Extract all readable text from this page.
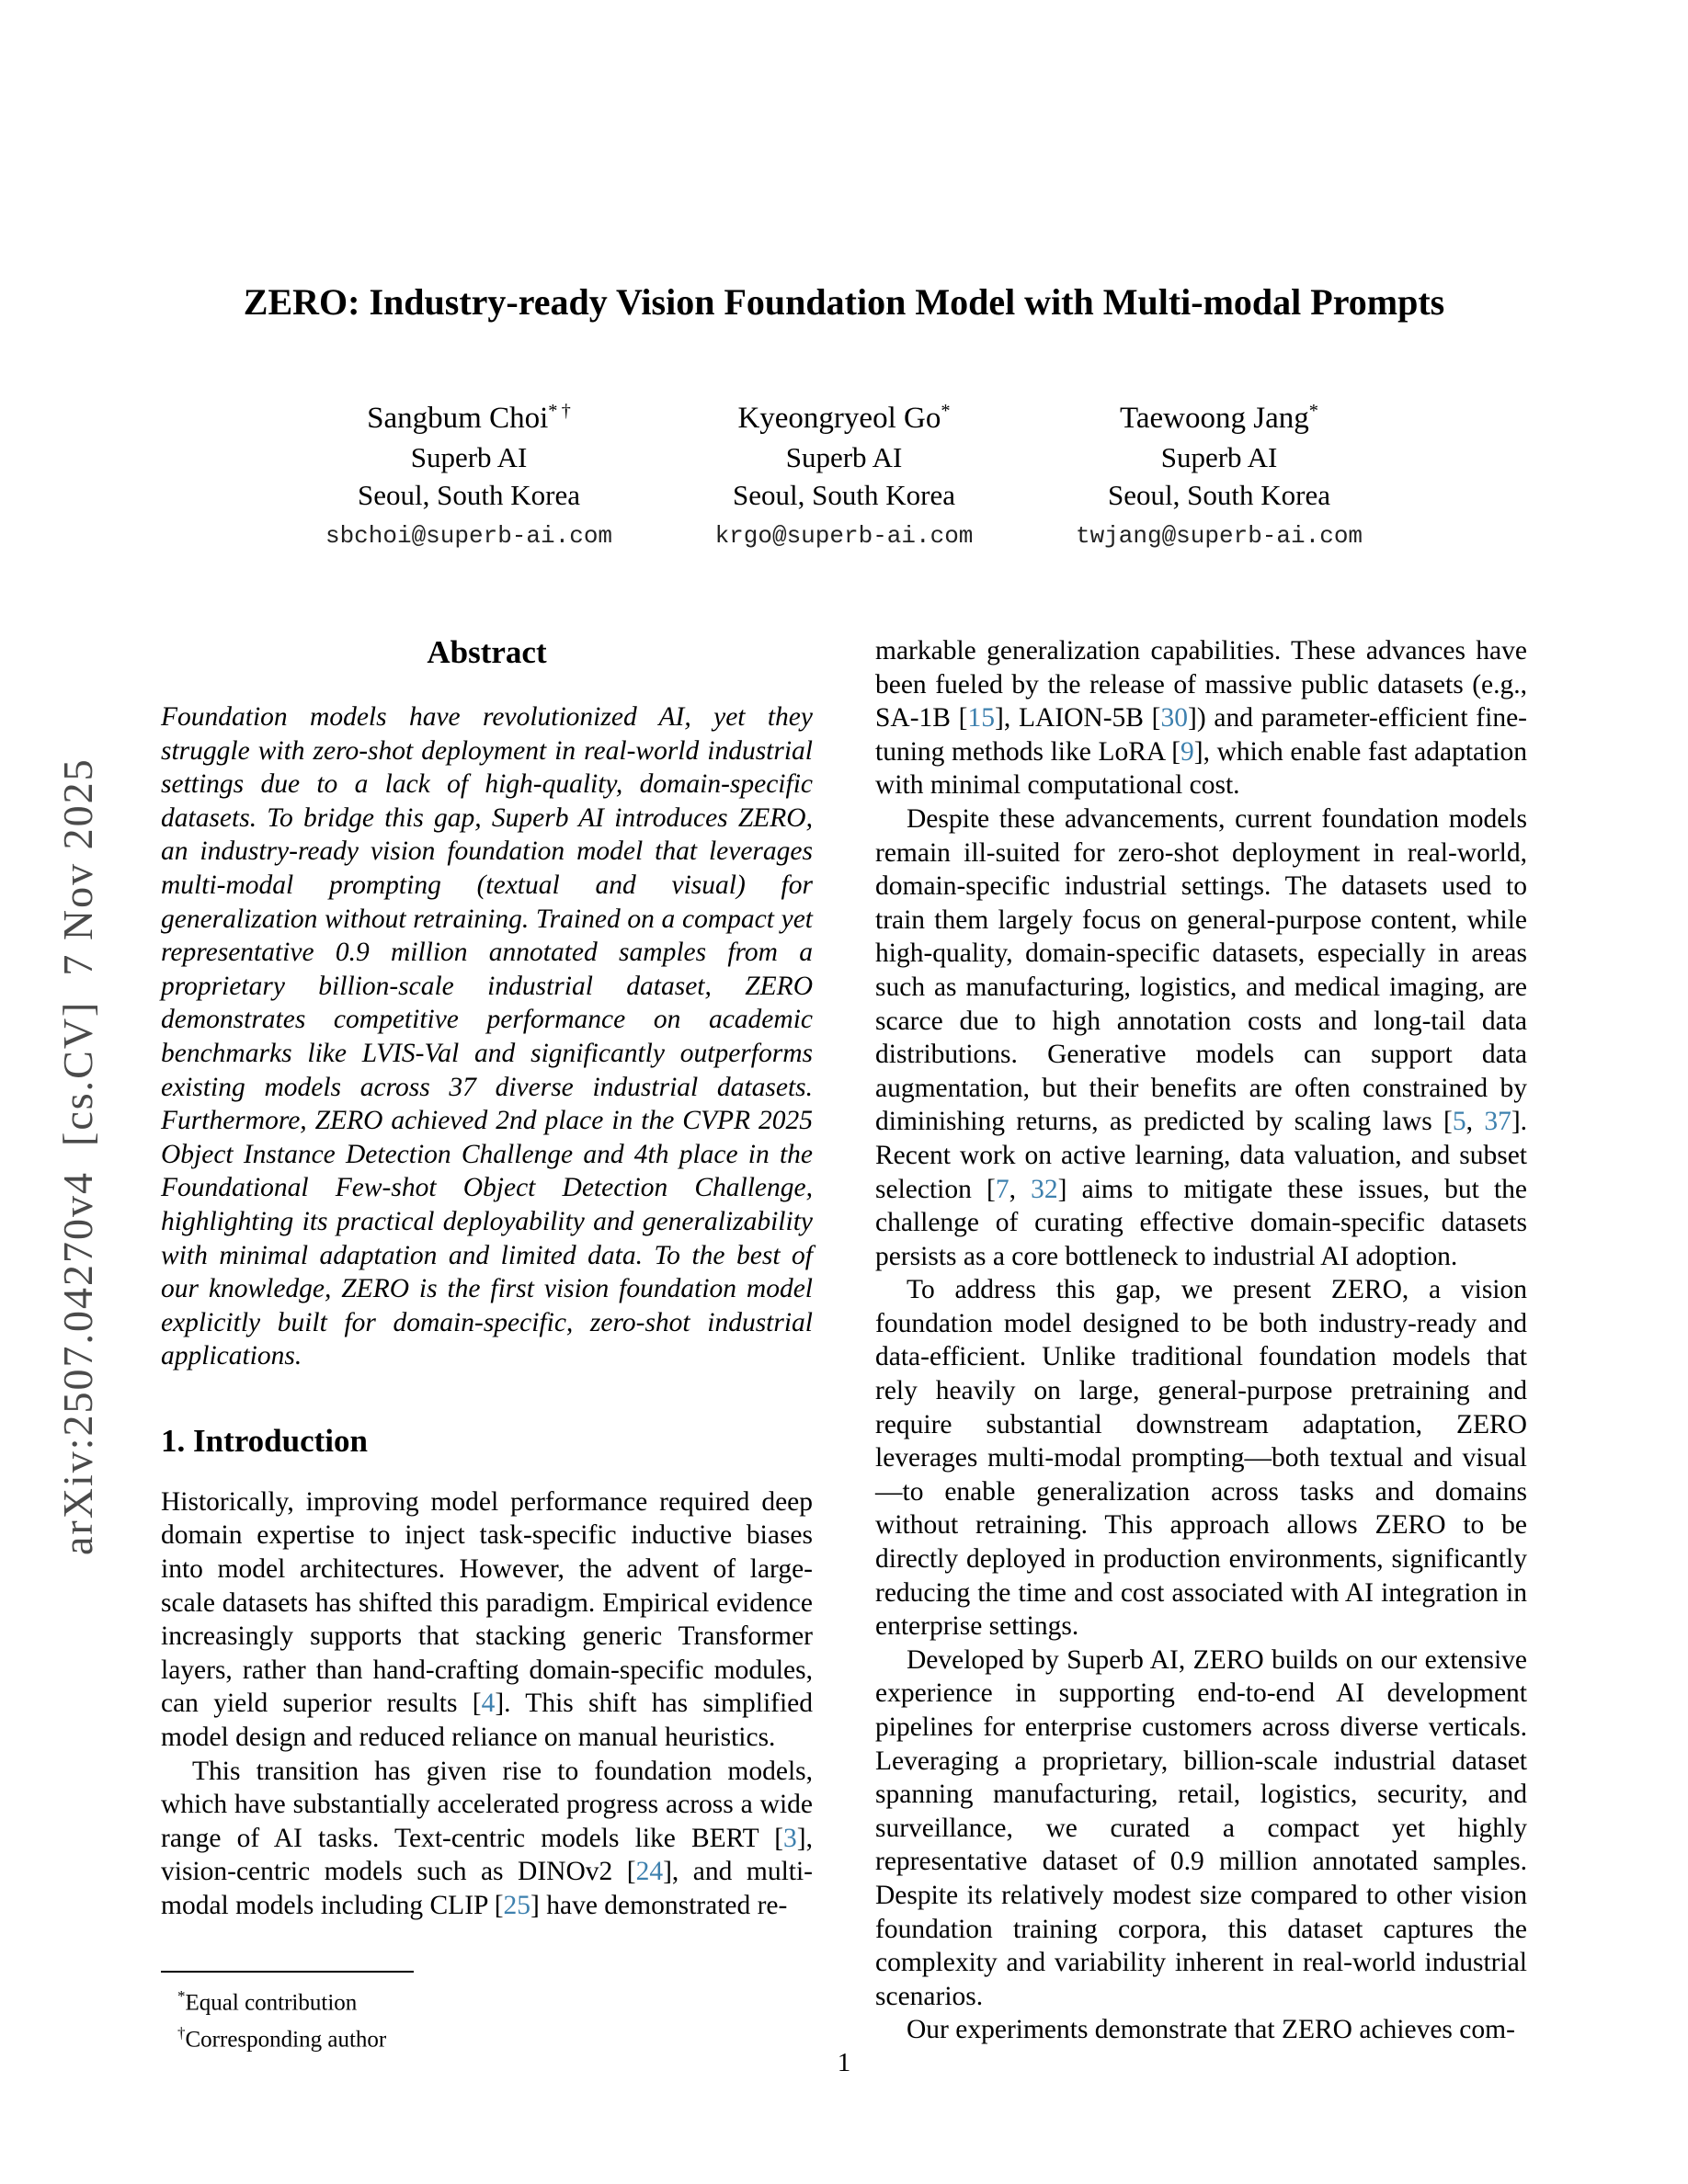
arXiv:2507.04270v4  [cs.CV]  7 Nov 2025
ZERO: Industry-ready Vision Foundation Model with Multi-modal Prompts
Sangbum Choi* †
Superb AI
Seoul, South Korea
sbchoi@superb-ai.com
Kyeongryeol Go*
Superb AI
Seoul, South Korea
krgo@superb-ai.com
Taewoong Jang*
Superb AI
Seoul, South Korea
twjang@superb-ai.com
Abstract

Foundation models have revolutionized AI, yet they struggle with zero-shot deployment in real-world industrial settings due to a lack of high-quality, domain-specific datasets. To bridge this gap, Superb AI introduces ZERO, an industry-ready vision foundation model that leverages multi-modal prompting (textual and visual) for generalization without retraining. Trained on a compact yet representative 0.9 million annotated samples from a proprietary billion-scale industrial dataset, ZERO demonstrates competitive performance on academic benchmarks like LVIS-Val and significantly outperforms existing models across 37 diverse industrial datasets. Furthermore, ZERO achieved 2nd place in the CVPR 2025 Object Instance Detection Challenge and 4th place in the Foundational Few-shot Object Detection Challenge, highlighting its practical deployability and generalizability with minimal adaptation and limited data. To the best of our knowledge, ZERO is the first vision foundation model explicitly built for domain-specific, zero-shot industrial applications.

1. Introduction

Historically, improving model performance required deep domain expertise to inject task-specific inductive biases into model architectures. However, the advent of large-scale datasets has shifted this paradigm. Empirical evidence increasingly supports that stacking generic Transformer layers, rather than hand-crafting domain-specific modules, can yield superior results [4]. This shift has simplified model design and reduced reliance on manual heuristics.

This transition has given rise to foundation models, which have substantially accelerated progress across a wide range of AI tasks. Text-centric models like BERT [3], vision-centric models such as DINOv2 [24], and multi-modal models including CLIP [25] have demonstrated re-

*Equal contribution
†Corresponding author

markable generalization capabilities. These advances have been fueled by the release of massive public datasets (e.g., SA-1B [15], LAION-5B [30]) and parameter-efficient fine-tuning methods like LoRA [9], which enable fast adaptation with minimal computational cost.

Despite these advancements, current foundation models remain ill-suited for zero-shot deployment in real-world, domain-specific industrial settings. The datasets used to train them largely focus on general-purpose content, while high-quality, domain-specific datasets, especially in areas such as manufacturing, logistics, and medical imaging, are scarce due to high annotation costs and long-tail data distributions. Generative models can support data augmentation, but their benefits are often constrained by diminishing returns, as predicted by scaling laws [5, 37]. Recent work on active learning, data valuation, and subset selection [7, 32] aims to mitigate these issues, but the challenge of curating effective domain-specific datasets persists as a core bottleneck to industrial AI adoption.

To address this gap, we present ZERO, a vision foundation model designed to be both industry-ready and data-efficient. Unlike traditional foundation models that rely heavily on large, general-purpose pretraining and require substantial downstream adaptation, ZERO leverages multi-modal prompting—both textual and visual—to enable generalization across tasks and domains without retraining. This approach allows ZERO to be directly deployed in production environments, significantly reducing the time and cost associated with AI integration in enterprise settings.

Developed by Superb AI, ZERO builds on our extensive experience in supporting end-to-end AI development pipelines for enterprise customers across diverse verticals. Leveraging a proprietary, billion-scale industrial dataset spanning manufacturing, retail, logistics, security, and surveillance, we curated a compact yet highly representative dataset of 0.9 million annotated samples. Despite its relatively modest size compared to other vision foundation training corpora, this dataset captures the complexity and variability inherent in real-world industrial scenarios.

Our experiments demonstrate that ZERO achieves com-

1
